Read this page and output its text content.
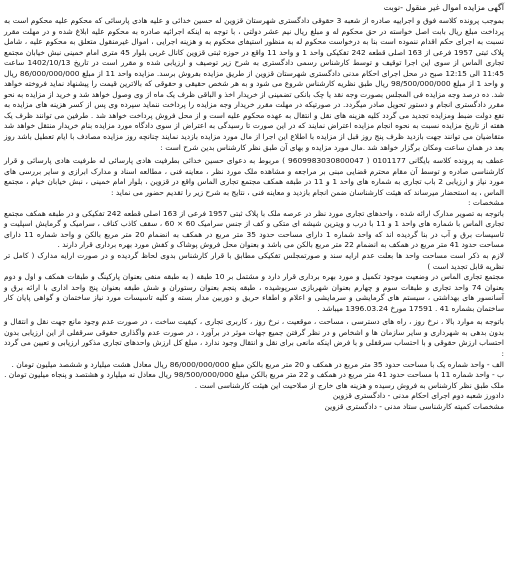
آگهی مزایده اموال غیر منقول -نوبت

بموجب پرونده کلاسه فوق و اجراییه صادره از شعبه 3 حقوقی دادگستری شهرستان قزوین له حسین خدائی و علیه هادی پارسائی که محکوم علیه محکوم است به پرداخت مبلغ ریال بابت اصل خواسته در حق محکوم له و مبلغ ریال نیم عشر دولتی ، با توجه به اینکه اجرائیه صادره به محکوم علیه ابلاغ شده و در مهلت مقرر نسبت به اجرای حکم اقدام ننموده است بنا به درخواست محکوم له به منظور استیفای محکوم به و هزینه اجرایی ، اموال غیرمنقول متعلق به محکوم علیه ، شامل پلاک ثبتی 1957 فرعی از 163 اصلی قطعه 242 تفکیکی واحد 1 و واحد 11 واقع در حوزه ثبتی قزوین کانال غربی بلوار 45 متری امام خمینی نبش خیابان مجتمع تجاری الماس از سوی این اجرا توقیف و توسط کارشناس رسمی دادگستری به شرح زیر توصیف و ارزیابی شده و مقرر است در تاریخ 1402/10/13 ساعت 11:45 الی 12:15 صبح در محل اجرای احکام مدنی دادگستری شهرستان قزوین از طریق مزایده بفروش برسد. مزایده واحد 11 از مبلغ 86/000/000/000 ریال و واحد 1 از مبلغ 98/500/000/000 ریال طبق نظریه کارشناس شروع می شود و به هر شخص حقیقی و حقوقی که بالاترین قیمت را پیشنهاد نماید فروخته خواهد شد. ده درصد وجه مزایده فی المجلس بصورت وجه نقد یا چک بانکی تضمینی از خریدار اخذ و الباقی ظرف یک ماه از وی وصول خواهد شد و خرید از مزایده به نحو مقرر دادگستری انجام و دستور تحویل صادر میگردد. در صورتیکه در مهلت مقرر خریدار وجه مزایده را پرداخت ننماید سپرده وی پس از کسر هزینه های مزایده به نفع دولت ضبط ومزایده تجدید می گردد کلیه هزینه های نقل و انتقال به عهده محکوم علیه است و از محل فروش پرداخت خواهد شد . طرفین می توانند ظرف یک هفته از تاریخ مزایده نسبت به نحوه انجام مزایده اعتراض نمایند که در این صورت تا رسیدگی به اعتراض از سوی دادگاه مورد مزایده بنام خریدار منتقل خواهد شد متقاضیان می توانند جهت بازدید ظرف پنج روز قبل از مزایده با اطلاع این اجرا از مال مورد مزایده بازدید نمایند چنانچه روز مزایده مصادف با ایام تعطیل باشد روز بعد در همان ساعت ومکان برگزار خواهد شد .مال مورد مزایده و بهای آن طبق نظر کارشناس بدین شرح است :

عطف به پرونده کلاسه بایگانی 0101177 ( 9609983030800047 ) مربوط به دعوای حسین خدائی بطرفیت هادی پارسائی له طرفیت هادی پارسائی و قرار کارشناسی صادره و توسط آن مقام محترم قضایی مبنی بر مراجعه و مشاهده ملک مورد نظر ، معاینه فنی ، مطالعه اسناد و مدارک ابرازی و سایر بررسی های مورد نیاز و ارزیابی 2 باب تجاری به شماره های واحد 1 و 11 در طبقه همکف مجتمع تجاری الماس واقع در قزوین ، بلوار امام خمینی ، نبش خیابان خیام ، مجتمع الماس ، به استحضار میرساند که هیئت کارشناسان ضمن انجام بازدید و معاینه فنی ، نتایج به شرح زیر را تقدیم حضور می نماید :

مشخصات :

باتوجه به تصویر مدارک ارائه شده ، واحدهای تجاری مورد نظر در عرصه ملک با پلاک ثبتی 1957 فرعی از 163 اصلی قطعه 242 تفکیکی و در طبقه همکف مجتمع تجاری الماس با شماره های واحد 1 و 11 با درب و ویترین شیشه ای متکی و کف از جنس سرامیک 60 × 60 ، سقف کاذب کناف ، سرامیک و گرمایش اسپلیت و تاسیسات برق و آب در بنا گردیده اند که واحد شماره 1 دارای مساحت حدود 35 متر مربع در همکف به انضمام 20 متر مربع بالکن و واحد شماره 11 دارای مساحت حدود 41 متر مربع در همکف به انضمام 22 متر مربع بالکن می باشد و بعنوان محل فروش پوشاک و کفش مورد بهره برداری قرار دارند .

لازم به ذکر است مساحت واحد ها بعلت عدم ارایه سند و صورتمجلس تفکیکی مطابق با قرار کارشناس بدوی لحاظ گردیده و در صورت ارایه مدارک ( کامل تر نظریه قابل تجدید است )

مجتمع تجاری الماس در وضعیت موجود تکمیل و مورد بهره برداری قرار دارد و مشتمل بر 10 طبقه ( به طبقه منفی بعنوان پارکینگ و طبقات همکف و اول و دوم بعنوان 74 واحد تجاری و طبقات سوم و چهارم بعنوان شهربازی سرپوشیده ، طبقه پنجم بعنوان رستوران و شش طبقه بعنوان پنج واحد اداری با ارائه برق و آسانسور های بهداشتی ، سیستم های گرمایشی و سرمایشی و اعلام و اطفاء حریق و دوربین مدار بسته و کلیه تاسیسات مورد نیاز ساختمان و گواهی پایان کار ساختمان بشماره 41 . 17591 مورخ 1396.03.24 میباشد .

باتوجه به موارد بالا ، نرخ روز ، راه های دسترسی ، مساحت ، موقعیت ، نرخ روز ، کاربری تجاری ، کیفیت ساخت ، در صورت عدم وجود مانع جهت نقل و انتقال و بدون بدهی به شهرداری و سایر سازمان ها و اشخاص و در نظر گرفتن جمیع جهات موثر در برآورد ، در صورت عدم واگذاری حقوقی سرقفلی از این ارزیابی بدون احتساب ارزش حقوقی و با احتساب سرقفلی و با فرض اینکه مانعی برای نقل و انتقال وجود ندارد ، مبلغ کل ارزش واحدهای تجاری مذکور ارزیابی و تعیین می گردد :

الف - واحد شماره یک با مساحت حدود 35 متر مربع در همکف و 20 متر مربع بالکن مبلغ 86/000/000/000 ریال معادل هشت میلیارد و ششصد میلیون تومان .

ب - واحد شماره 11 با مساحت حدود 41 متر مربع در همکف و 22 متر مربع بالکن مبلغ 98/500/000/000 ریال معادل نه میلیارد و هشتصد و پنجاه میلیون تومان .

ملک طبق نظر کارشناس به فروش رسیده و هزینه های خارج از صلاحیت این هیئت کارشناسی است .

دادورز شعبه دوم اجرای احکام مدنی - دادگستری قزوین

مشخصات کمیته کارشناسی ستاد مدنی - دادگستری قزوین
